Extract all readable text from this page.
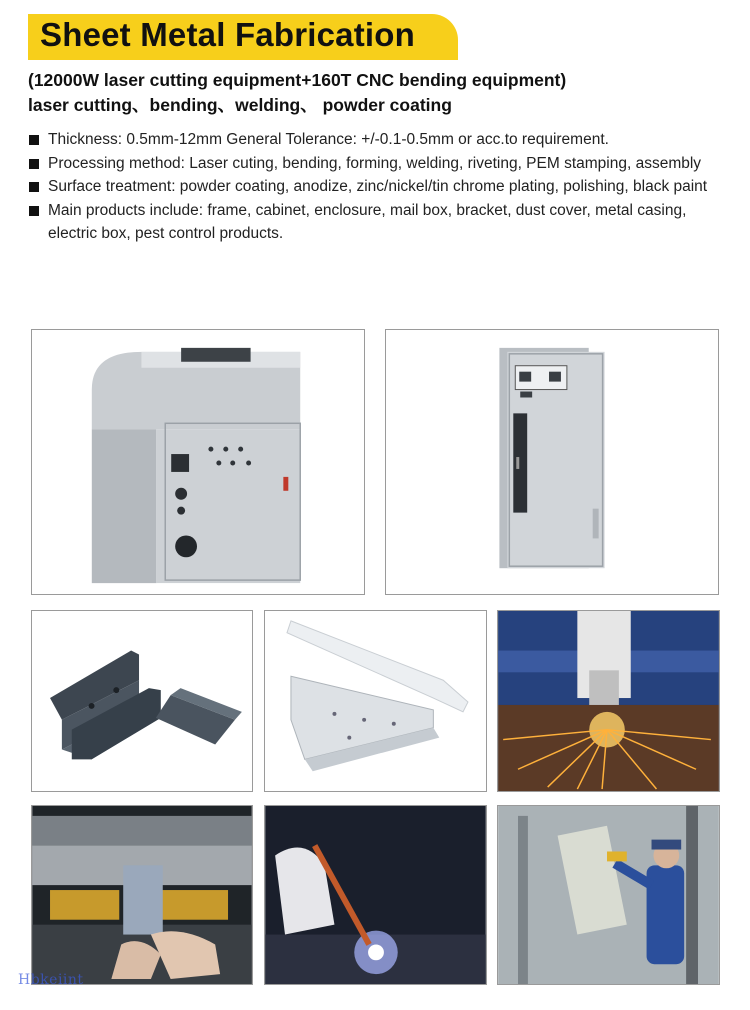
Sheet Metal Fabrication
(12000W laser cutting equipment+160T CNC bending equipment)
laser cutting、bending、welding、 powder coating
Thickness: 0.5mm-12mm General Tolerance: +/-0.1-0.5mm or acc.to requirement.
Processing method: Laser cuting, bending, forming, welding, riveting, PEM stamping, assembly
Surface treatment: powder coating, anodize, zinc/nickel/tin chrome plating, polishing, black paint
Main products include: frame, cabinet, enclosure, mail box, bracket, dust cover, metal casing, electric box, pest control products.
Hbkeiint
